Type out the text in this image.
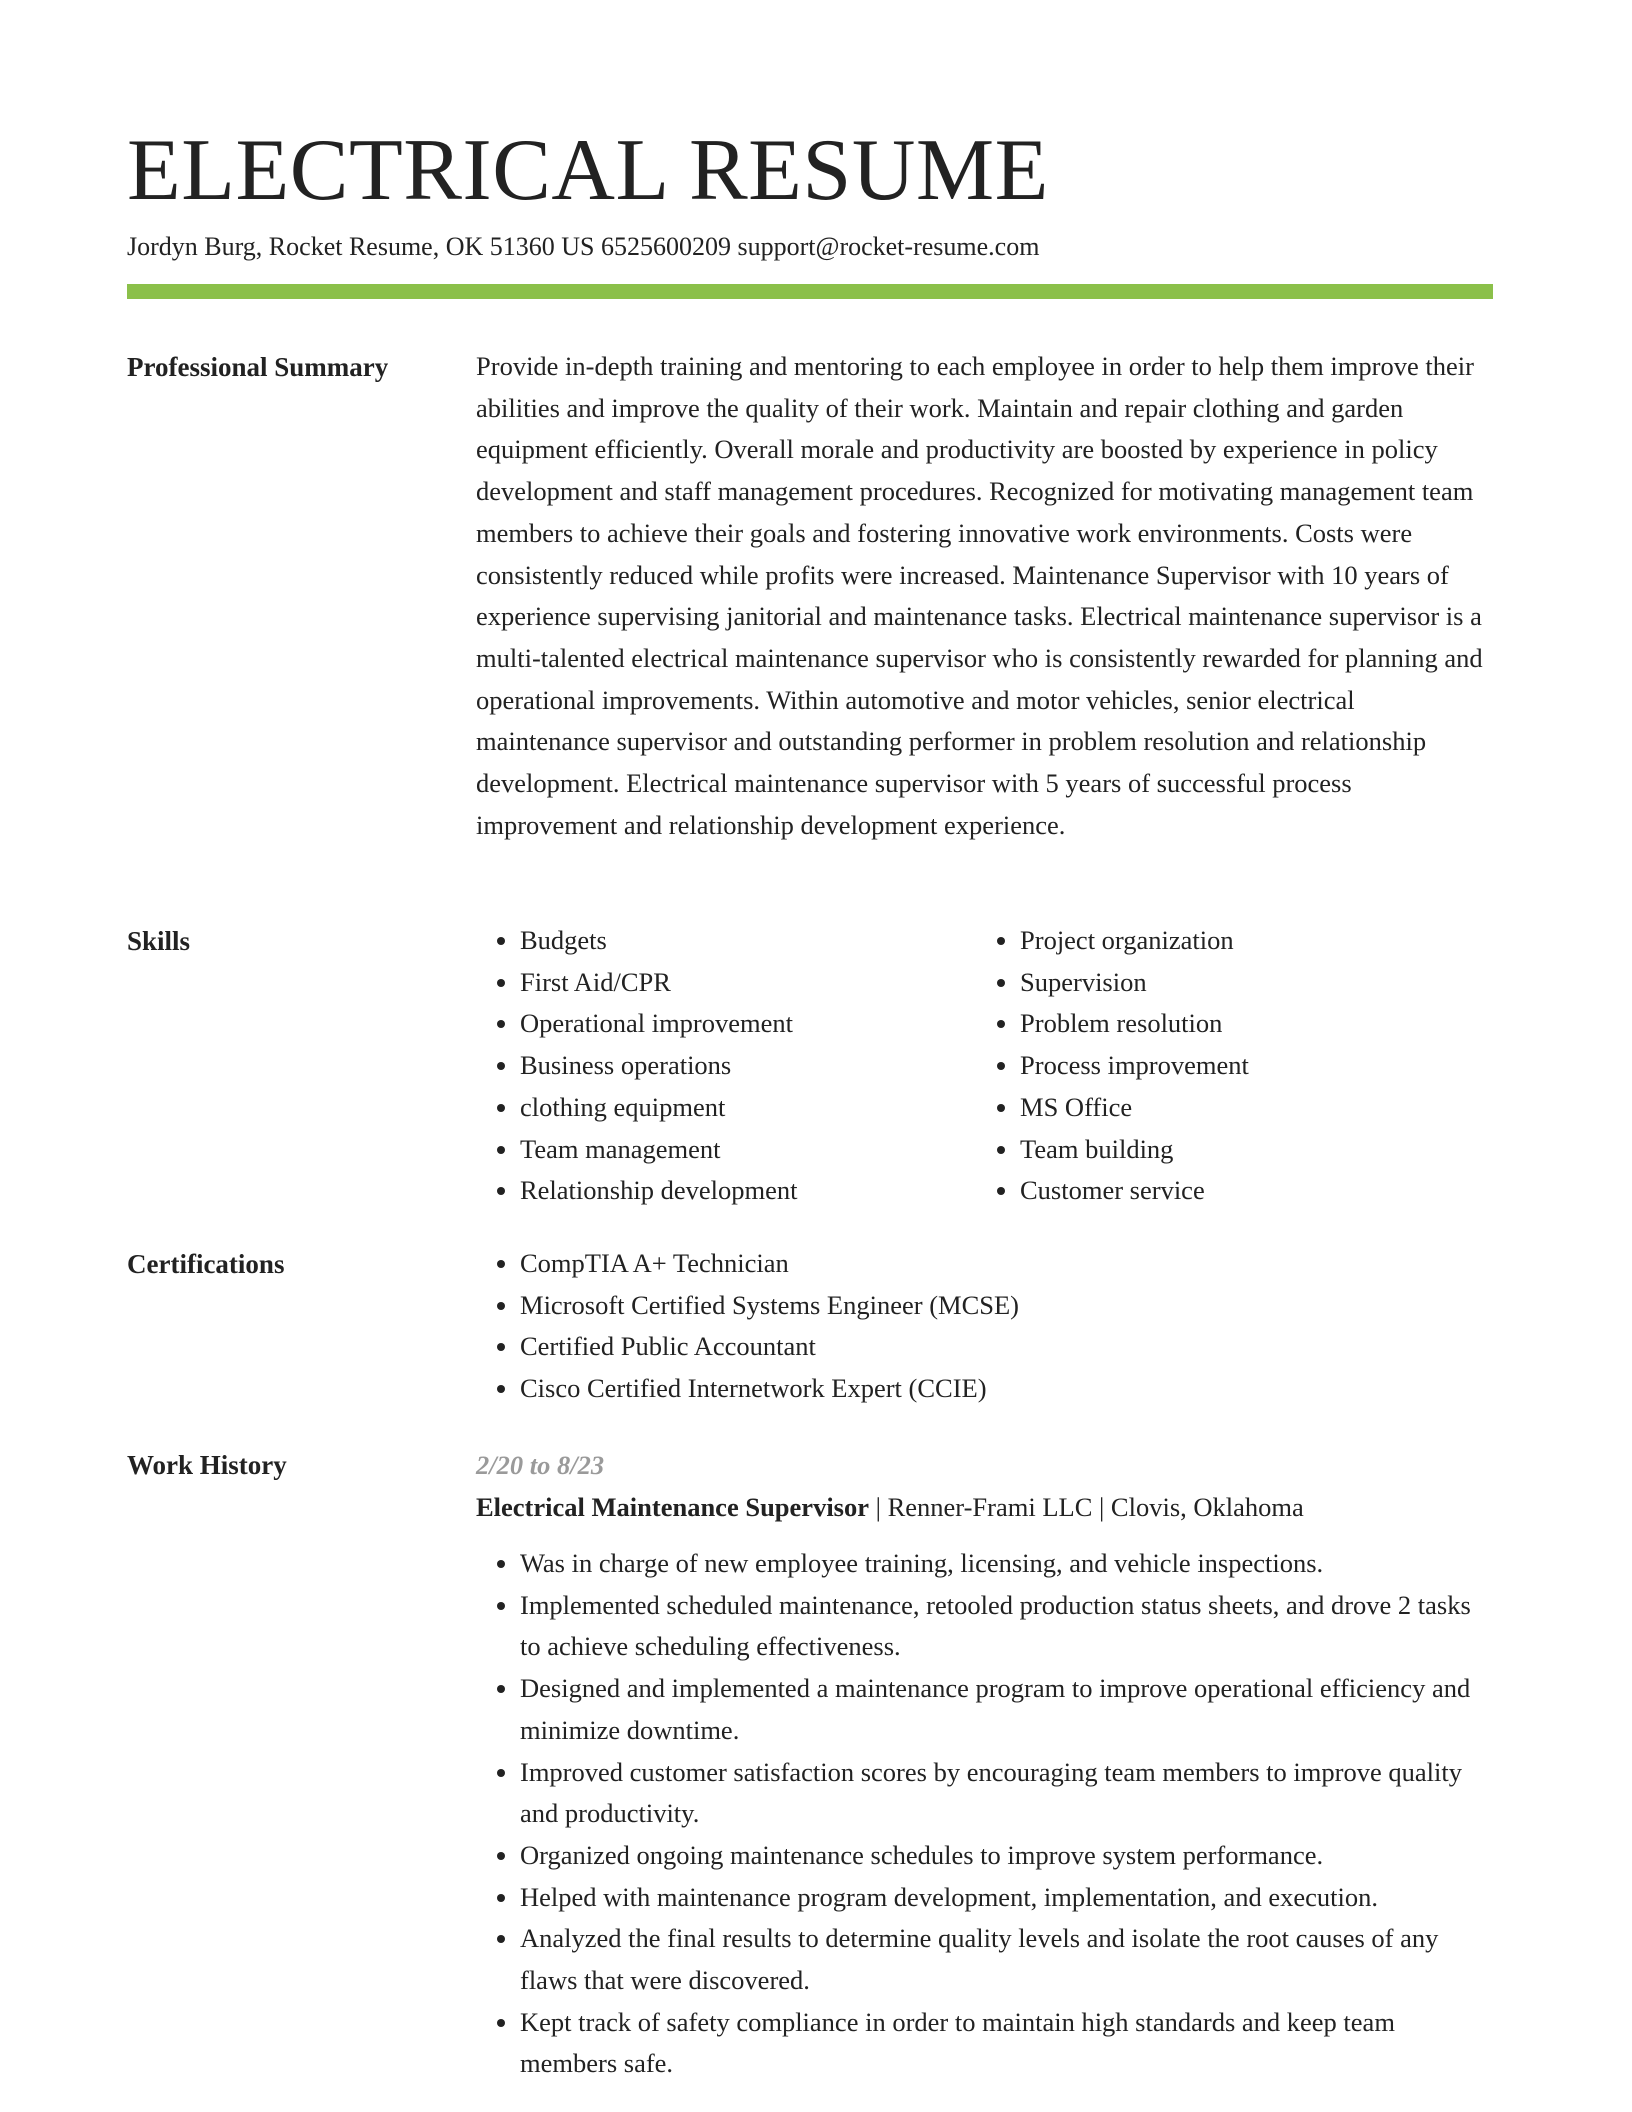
ELECTRICAL RESUME
Jordyn Burg, Rocket Resume, OK 51360 US 6525600209 support@rocket-resume.com
Professional Summary	Provide in-depth training and mentoring to each employee in order to help them improve their abilities and improve the quality of their work. Maintain and repair clothing and garden equipment efficiently. Overall morale and productivity are boosted by experience in policy development and staff management procedures. Recognized for motivating management team members to achieve their goals and fostering innovative work environments. Costs were consistently reduced while profits were increased. Maintenance Supervisor with 10 years of experience supervising janitorial and maintenance tasks. Electrical maintenance supervisor is a multi-talented electrical maintenance supervisor who is consistently rewarded for planning and operational improvements. Within automotive and motor vehicles, senior electrical maintenance supervisor and outstanding performer in problem resolution and relationship development. Electrical maintenance supervisor with 5 years of successful process improvement and relationship development experience.

Skills	• Budgets
• First Aid/CPR
• Operational improvement
• Business operations
• clothing equipment
• Team management
• Relationship development
• Project organization
• Supervision
• Problem resolution
• Process improvement
• MS Office
• Team building
• Customer service
Certifications	• CompTIA A+ Technician
• Microsoft Certified Systems Engineer (MCSE)
• Certified Public Accountant
• Cisco Certified Internetwork Expert (CCIE)
Work History	2/20 to 8/23
Electrical Maintenance Supervisor | Renner-Frami LLC | Clovis, Oklahoma
• Was in charge of new employee training, licensing, and vehicle inspections.
• Implemented scheduled maintenance, retooled production status sheets, and drove 2 tasks to achieve scheduling effectiveness.
• Designed and implemented a maintenance program to improve operational efficiency and minimize downtime.
• Improved customer satisfaction scores by encouraging team members to improve quality and productivity.
• Organized ongoing maintenance schedules to improve system performance.
• Helped with maintenance program development, implementation, and execution.
• Analyzed the final results to determine quality levels and isolate the root causes of any flaws that were discovered.
• Kept track of safety compliance in order to maintain high standards and keep team members safe.
